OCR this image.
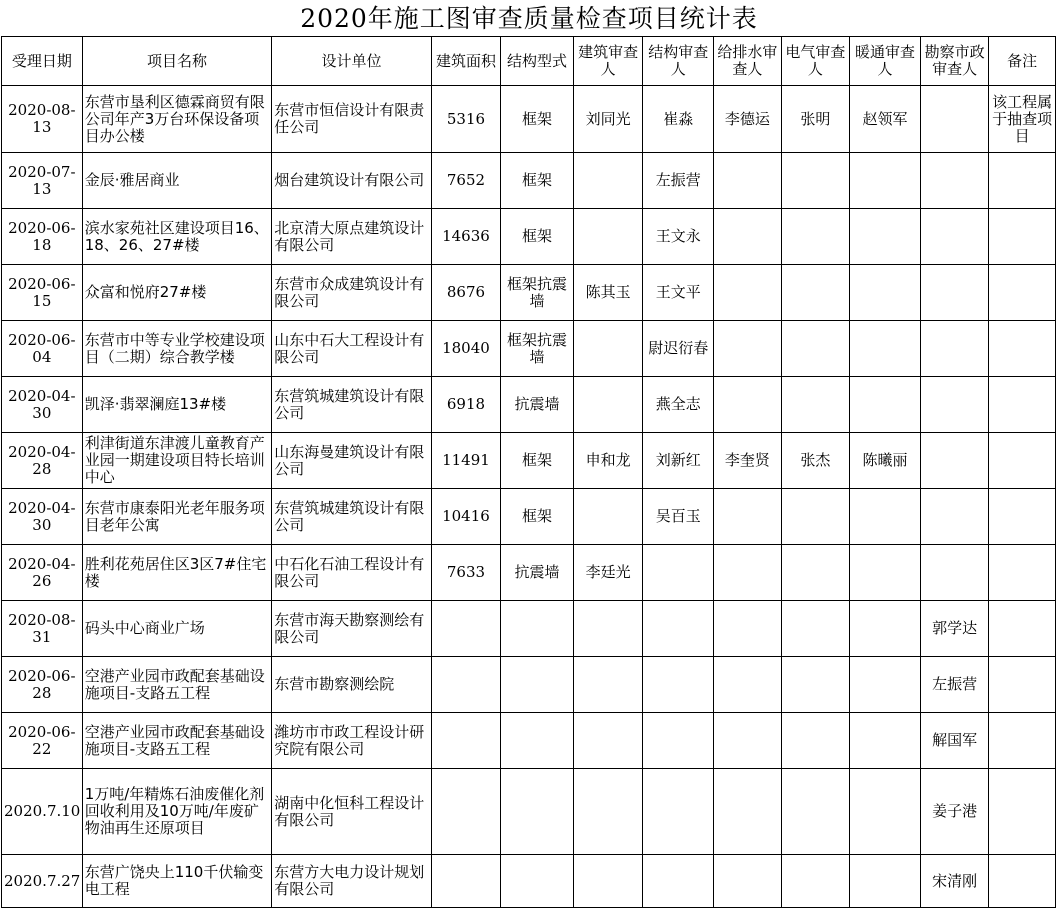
2020年施工图审查质量检查项目统计表
受理日期	项目名称	设计单位	建筑面积	结构型式	建筑审查人	结构审查人	给排水审查人	电气审查人	暖通审查人	勘察市政审查人	备注
2020-08-13	东营市垦利区德霖商贸有限公司年产3万台环保设备项目办公楼	东营市恒信设计有限责任公司	5316	框架	刘同光	崔淼	李德运	张明	赵领军		该工程属于抽查项目
2020-07-13	金辰·雅居商业	烟台建筑设计有限公司	7652	框架		左振营					
2020-06-18	滨水家苑社区建设项目16、18、26、27#楼	北京清大原点建筑设计有限公司	14636	框架		王文永					
2020-06-15	众富和悦府27#楼	东营市众成建筑设计有限公司	8676	框架抗震墙	陈其玉	王文平					
2020-06-04	东营市中等专业学校建设项目（二期）综合教学楼	山东中石大工程设计有限公司	18040	框架抗震墙		尉迟衍春					
2020-04-30	凯泽·翡翠澜庭13#楼	东营筑城建筑设计有限公司	6918	抗震墙		燕全志					
2020-04-28	利津街道东津渡儿童教育产业园一期建设项目特长培训中心	山东海曼建筑设计有限公司	11491	框架	申和龙	刘新红	李奎贤	张杰	陈曦丽		
2020-04-30	东营市康泰阳光老年服务项目老年公寓	东营筑城建筑设计有限公司	10416	框架		吴百玉					
2020-04-26	胜利花苑居住区3区7#住宅楼	中石化石油工程设计有限公司	7633	抗震墙	李廷光						
2020-08-31	码头中心商业广场	东营市海天勘察测绘有限公司								郭学达	
2020-06-28	空港产业园市政配套基础设施项目-支路五工程	东营市勘察测绘院								左振营	
2020-06-22	空港产业园市政配套基础设施项目-支路五工程	潍坊市市政工程设计研究院有限公司								解国军	
2020.7.10	1万吨/年精炼石油废催化剂回收利用及10万吨/年废矿物油再生还原项目	湖南中化恒科工程设计有限公司								姜子港	
2020.7.27	东营广饶央上110千伏输变电工程	东营方大电力设计规划有限公司								宋清刚	
